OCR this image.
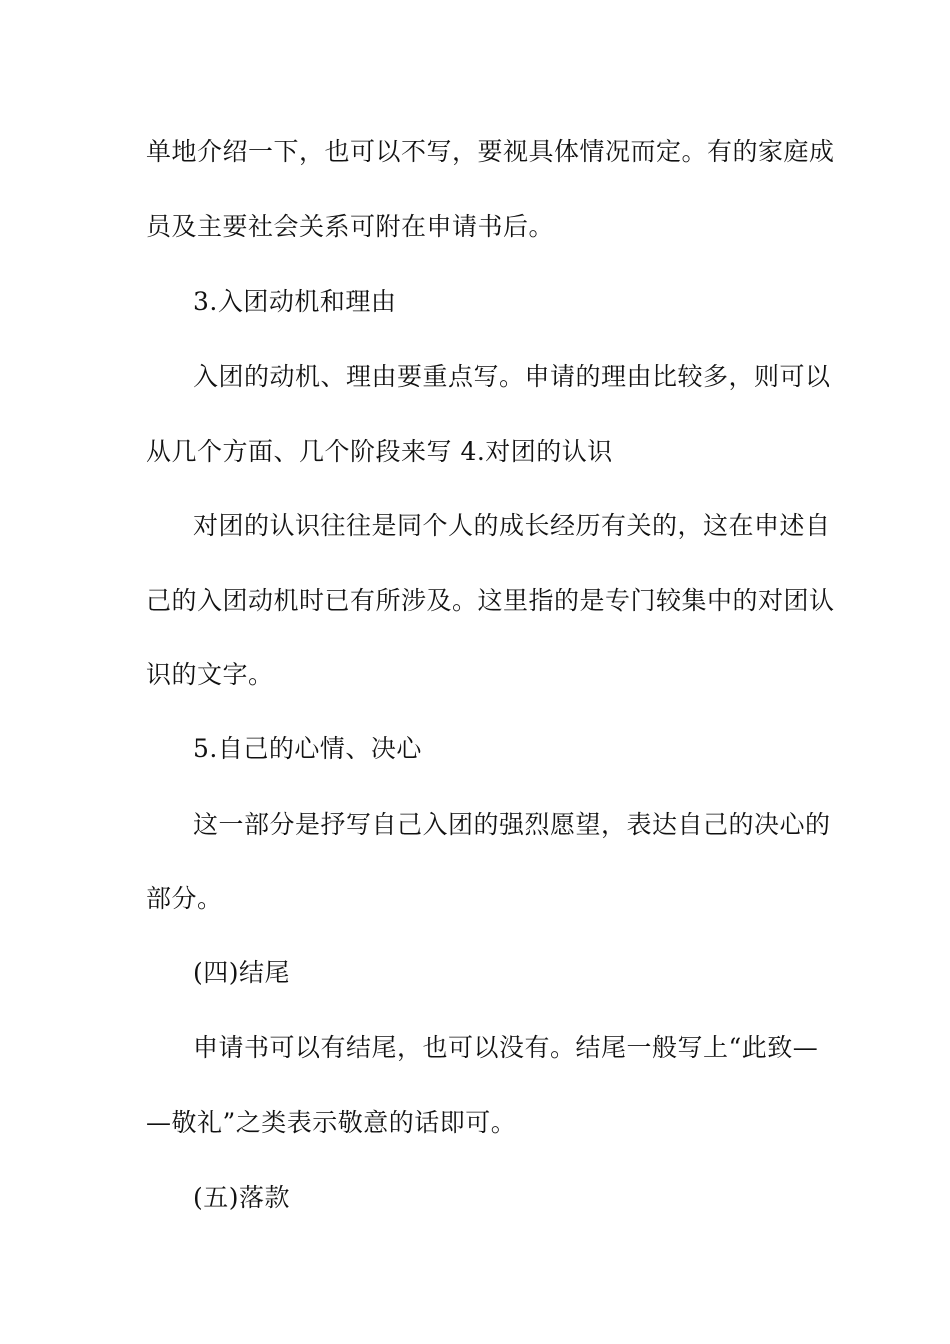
单地介绍一下，也可以不写，要视具体情况而定。有的家庭成
员及主要社会关系可附在申请书后。
3.入团动机和理由
入团的动机、理由要重点写。申请的理由比较多，则可以
从几个方面、几个阶段来写 4.对团的认识
对团的认识往往是同个人的成长经历有关的，这在申述自
己的入团动机时已有所涉及。这里指的是专门较集中的对团认
识的文字。
5.自己的心情、决心
这一部分是抒写自己入团的强烈愿望，表达自己的决心的
部分。
(四)结尾
申请书可以有结尾，也可以没有。结尾一般写上“此致—
—敬礼”之类表示敬意的话即可。
(五)落款
